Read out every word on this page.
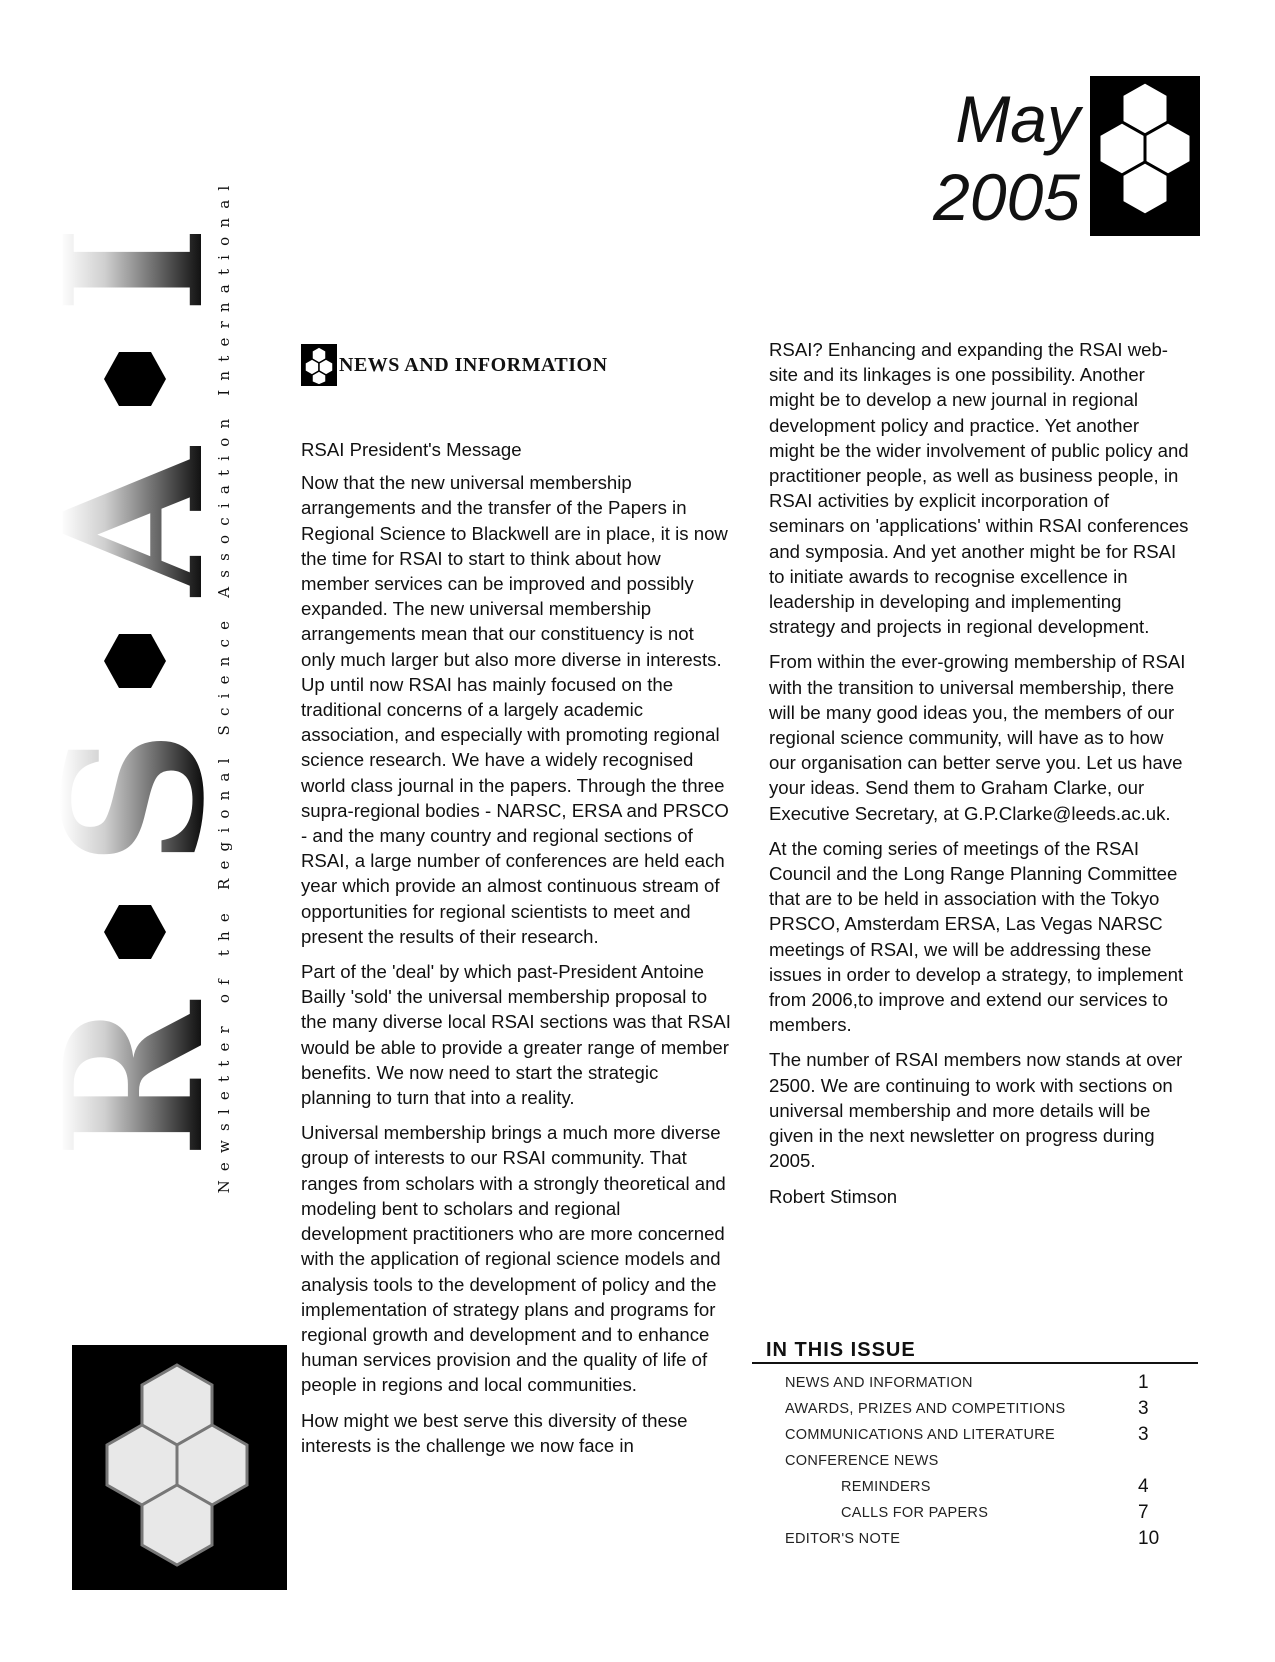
R
S
A
I
Newsletter of the Regional Science Association International
May
2005
NEWS AND INFORMATION

RSAI President's Message

Now that the new universal membership arrangements and the transfer of the Papers in Regional Science to Blackwell are in place, it is now the time for RSAI to start to think about how member services can be improved and possibly expanded. The new universal membership arrangements mean that our constituency is not only much larger but also more diverse in interests. Up until now RSAI has mainly focused on the traditional concerns of a largely academic association, and especially with promoting regional science research. We have a widely recognised world class journal in the papers. Through the three supra-regional bodies - NARSC, ERSA and PRSCO - and the many country and regional sections of RSAI, a large number of conferences are held each year which provide an almost continuous stream of opportunities for regional scientists to meet and present the results of their research.

Part of the 'deal' by which past-President Antoine Bailly 'sold' the universal membership proposal to the many diverse local RSAI sections was that RSAI would be able to provide a greater range of member benefits. We now need to start the strategic planning to turn that into a reality.

Universal membership brings a much more diverse group of interests to our RSAI community. That ranges from scholars with a strongly theoretical and modeling bent to scholars and regional development practitioners who are more concerned with the application of regional science models and analysis tools to the development of policy and the implementation of strategy plans and programs for regional growth and development and to enhance human services provision and the quality of life of people in regions and local communities.

How might we best serve this diversity of these interests is the challenge we now face in

RSAI? Enhancing and expanding the RSAI web-site and its linkages is one possibility. Another might be to develop a new journal in regional development policy and practice. Yet another might be the wider involvement of public policy and practitioner people, as well as business people, in RSAI activities by explicit incorporation of seminars on 'applications' within RSAI conferences and symposia. And yet another might be for RSAI to initiate awards to recognise excellence in leadership in developing and implementing strategy and projects in regional development.

From within the ever-growing membership of RSAI with the transition to universal membership, there will be many good ideas you, the members of our regional science community, will have as to how our organisation can better serve you. Let us have your ideas. Send them to Graham Clarke, our Executive Secretary, at G.P.Clarke@leeds.ac.uk.

At the coming series of meetings of the RSAI Council and the Long Range Planning Committee that are to be held in association with the Tokyo PRSCO, Amsterdam ERSA, Las Vegas NARSC meetings of RSAI, we will be addressing these issues in order to develop a strategy, to implement from 2006,to improve and extend our services to members.

The number of RSAI members now stands at over 2500. We are continuing to work with sections on universal membership and more details will be given in the next newsletter on progress during 2005.

Robert Stimson

IN THIS ISSUE
NEWS AND INFORMATION	1
AWARDS, PRIZES AND COMPETITIONS	3
COMMUNICATIONS AND LITERATURE	3
CONFERENCE NEWS
REMINDERS	4
CALLS FOR PAPERS	7
EDITOR'S NOTE	10
